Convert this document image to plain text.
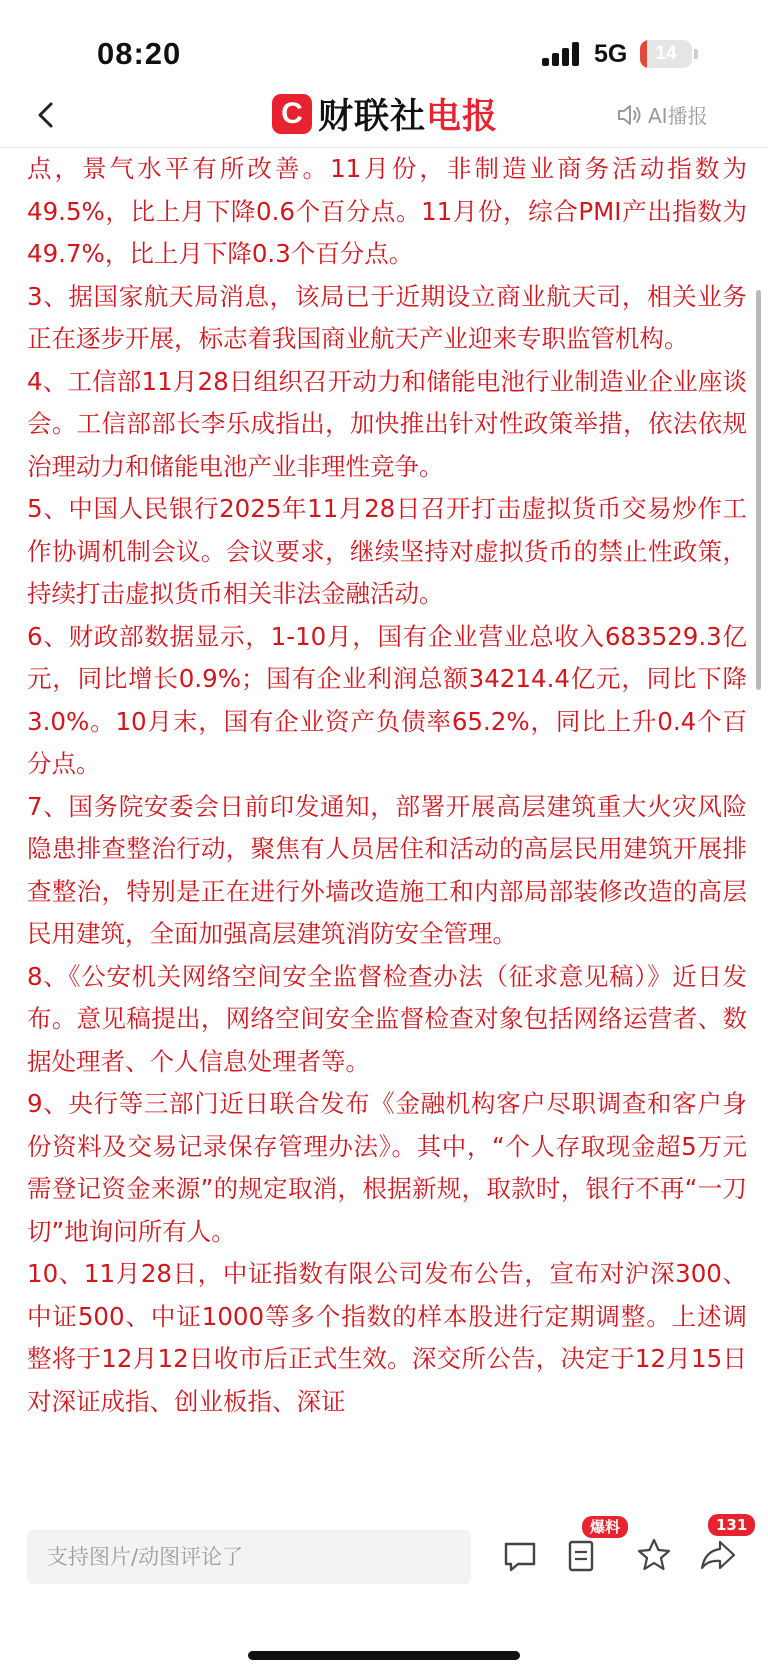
08:20	5G	14
C 财联社 电报	AI播报

点，景气水平有所改善。11月份，非制造业商务活动指数为49.5%，比上月下降0.6个百分点。11月份，综合PMI产出指数为49.7%，比上月下降0.3个百分点。

3、据国家航天局消息，该局已于近期设立商业航天司，相关业务正在逐步开展，标志着我国商业航天产业迎来专职监管机构。

4、工信部11月28日组织召开动力和储能电池行业制造业企业座谈会。工信部部长李乐成指出，加快推出针对性政策举措，依法依规治理动力和储能电池产业非理性竞争。

5、中国人民银行2025年11月28日召开打击虚拟货币交易炒作工作协调机制会议。会议要求，继续坚持对虚拟货币的禁止性政策，持续打击虚拟货币相关非法金融活动。

6、财政部数据显示，1-10月，国有企业营业总收入683529.3亿元，同比增长0.9%；国有企业利润总额34214.4亿元，同比下降3.0%。10月末，国有企业资产负债率65.2%，同比上升0.4个百分点。

7、国务院安委会日前印发通知，部署开展高层建筑重大火灾风险隐患排查整治行动，聚焦有人员居住和活动的高层民用建筑开展排查整治，特别是正在进行外墙改造施工和内部局部装修改造的高层民用建筑，全面加强高层建筑消防安全管理。

8、《公安机关网络空间安全监督检查办法（征求意见稿）》近日发布。意见稿提出，网络空间安全监督检查对象包括网络运营者、数据处理者、个人信息处理者等。

9、央行等三部门近日联合发布《金融机构客户尽职调查和客户身份资料及交易记录保存管理办法》。其中，“个人存取现金超5万元需登记资金来源”的规定取消，根据新规，取款时，银行不再“一刀切”地询问所有人。

10、11月28日，中证指数有限公司发布公告，宣布对沪深300、中证500、中证1000等多个指数的样本股进行定期调整。上述调整将于12月12日收市后正式生效。深交所公告，决定于12月15日对深证成指、创业板指、深证

支持图片/动图评论了
爆料	131
